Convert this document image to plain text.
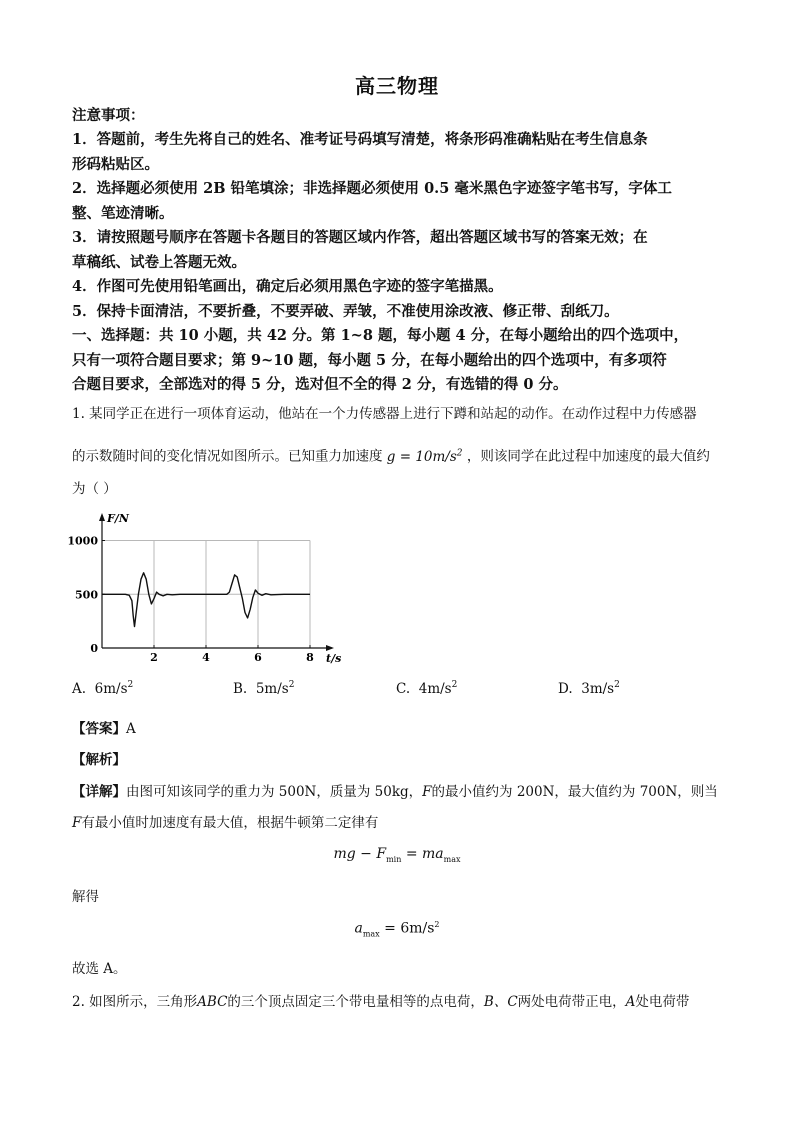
高三物理
注意事项：
1．答题前，考生先将自己的姓名、准考证号码填写清楚，将条形码准确粘贴在考生信息条
形码粘贴区。
2．选择题必须使用 2B 铅笔填涂；非选择题必须使用 0.5 毫米黑色字迹签字笔书写，字体工
整、笔迹清晰。
3．请按照题号顺序在答题卡各题目的答题区域内作答，超出答题区域书写的答案无效；在
草稿纸、试卷上答题无效。
4．作图可先使用铅笔画出，确定后必须用黑色字迹的签字笔描黑。
5．保持卡面清洁，不要折叠，不要弄破、弄皱，不准使用涂改液、修正带、刮纸刀。
一、选择题：共 10 小题，共 42 分。第 1~8 题，每小题 4 分，在每小题给出的四个选项中，
只有一项符合题目要求；第 9~10 题，每小题 5 分，在每小题给出的四个选项中，有多项符
合题目要求，全部选对的得 5 分，选对但不全的得 2 分，有选错的得 0 分。
1. 某同学正在进行一项体育运动，他站在一个力传感器上进行下蹲和站起的动作。在动作过程中力传感器
的示数随时间的变化情况如图所示。已知重力加速度 $g = 10m/s^2$ ，则该同学在此过程中加速度的最大值约
为（ ）
1000
500
0
2	4	6	8
F/N
t/s
A. $6m/s^2$	B. $5m/s^2$	C. $4m/s^2$	D. $3m/s^2$
【答案】A
【解析】
【详解】由图可知该同学的重力为 500N，质量为 50kg，F的最小值约为 200N，最大值约为 700N，则当
F有最小值时加速度有最大值，根据牛顿第二定律有
mg − $F_{min} = ma_{max}$
解得
$a_{max} = 6m/s^2$
故选 A。
2. 如图所示，三角形ABC的三个顶点固定三个带电量相等的点电荷，B、C两处电荷带正电，A处电荷带
